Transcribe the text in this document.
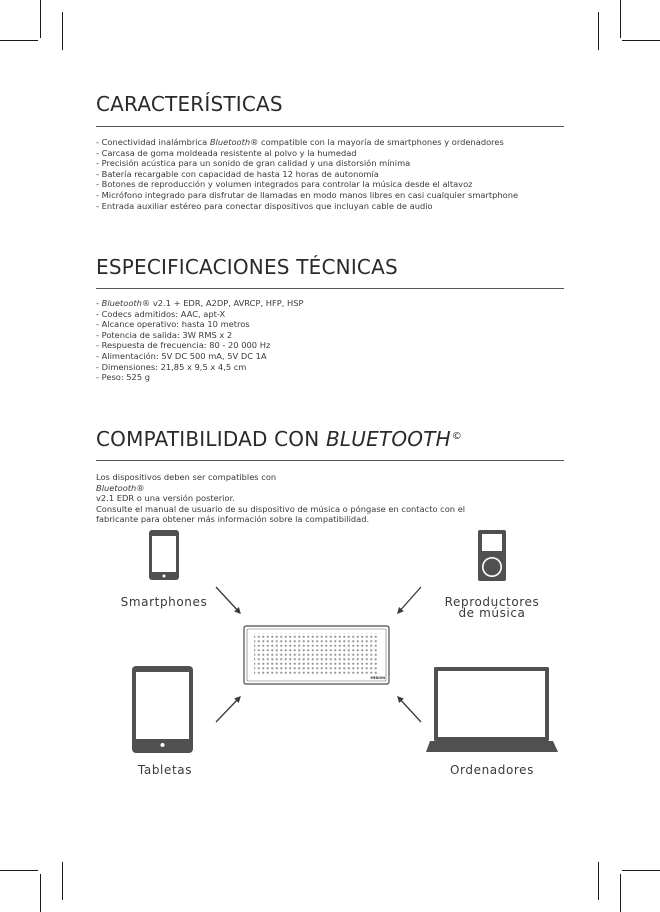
CARACTERÍSTICAS
- Conectividad inalámbrica Bluetooth® compatible con la mayoría de smartphones y ordenadores
- Carcasa de goma moldeada resistente al polvo y la humedad
- Precisión acústica para un sonido de gran calidad y una distorsión mínima
- Batería recargable con capacidad de hasta 12 horas de autonomía
- Botones de reproducción y volumen integrados para controlar la música desde el altavoz
- Micrófono integrado para disfrutar de llamadas en modo manos libres en casi cualquier smartphone
- Entrada auxiliar estéreo para conectar dispositivos que incluyan cable de audio
ESPECIFICACIONES TÉCNICAS
- Bluetooth® v2.1 + EDR, A2DP, AVRCP, HFP, HSP
- Codecs admitidos: AAC, apt-X
- Alcance operativo: hasta 10 metros
- Potencia de salida: 3W RMS x 2
- Respuesta de frecuencia: 80 - 20 000 Hz
- Alimentación: 5V DC 500 mA, 5V DC 1A
- Dimensiones: 21,85 x 9,5 x 4,5 cm
- Peso: 525 g
COMPATIBILIDAD CON BLUETOOTH©
Los dispositivos deben ser compatibles con
Bluetooth®
v2.1 EDR o una versión posterior.
Consulte el manual de usuario de su dispositivo de música o póngase en contacto con el
fabricante para obtener más información sobre la compatibilidad.
MEDION
Smartphones	Reproductores
de música
Tabletas	Ordenadores
